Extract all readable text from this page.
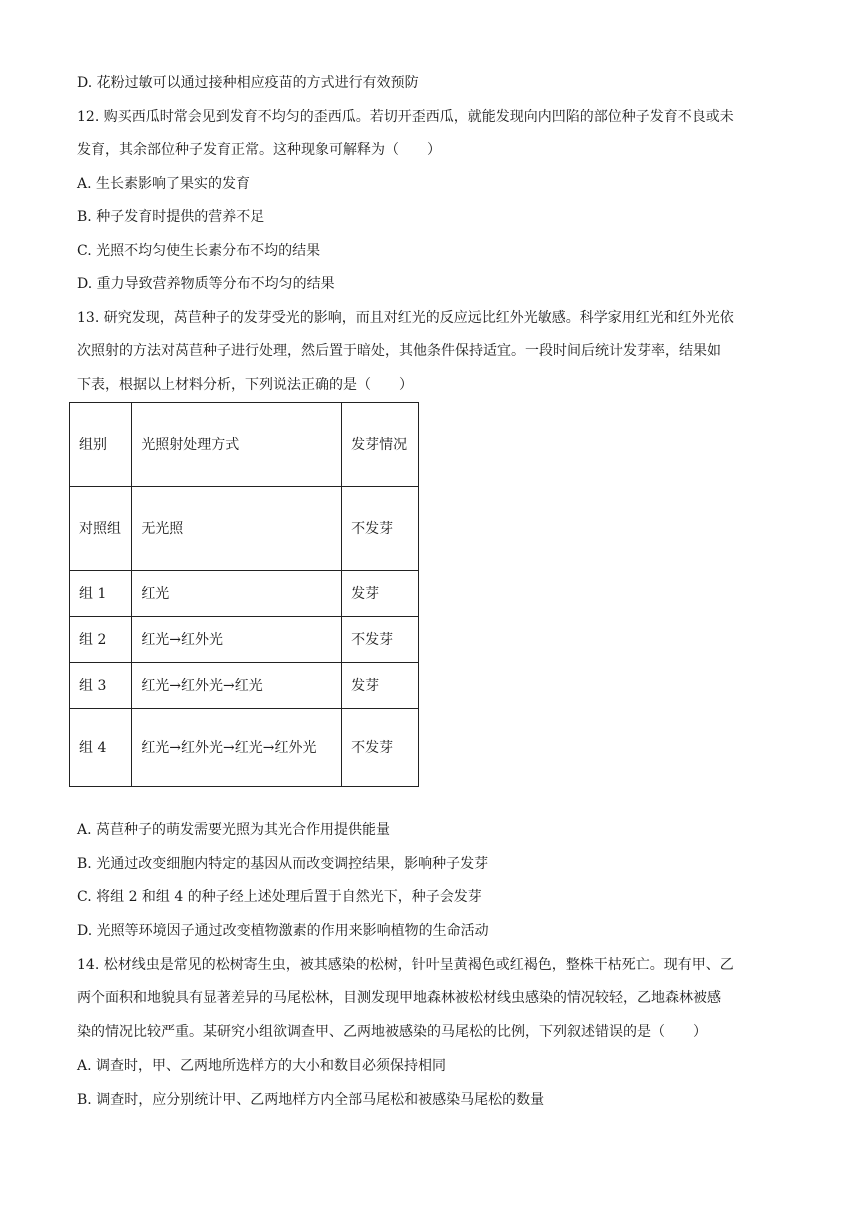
D. 花粉过敏可以通过接种相应疫苗的方式进行有效预防
12. 购买西瓜时常会见到发育不均匀的歪西瓜。若切开歪西瓜，就能发现向内凹陷的部位种子发育不良或未
发育，其余部位种子发育正常。这种现象可解释为（　　）
A. 生长素影响了果实的发育
B. 种子发育时提供的营养不足
C. 光照不均匀使生长素分布不均的结果
D. 重力导致营养物质等分布不均匀的结果
13. 研究发现，莴苣种子的发芽受光的影响，而且对红光的反应远比红外光敏感。科学家用红光和红外光依
次照射的方法对莴苣种子进行处理，然后置于暗处，其他条件保持适宜。一段时间后统计发芽率，结果如
下表，根据以上材料分析，下列说法正确的是（　　）
组别	光照射处理方式	发芽情况
对照组	无光照	不发芽
组 1	红光	发芽
组 2	红光→红外光	不发芽
组 3	红光→红外光→红光	发芽
组 4	红光→红外光→红光→红外光	不发芽
A. 莴苣种子的萌发需要光照为其光合作用提供能量
B. 光通过改变细胞内特定的基因从而改变调控结果，影响种子发芽
C. 将组 2 和组 4 的种子经上述处理后置于自然光下，种子会发芽
D. 光照等环境因子通过改变植物激素的作用来影响植物的生命活动
14. 松材线虫是常见的松树寄生虫，被其感染的松树，针叶呈黄褐色或红褐色，整株干枯死亡。现有甲、乙
两个面积和地貌具有显著差异的马尾松林，目测发现甲地森林被松材线虫感染的情况较轻，乙地森林被感
染的情况比较严重。某研究小组欲调查甲、乙两地被感染的马尾松的比例，下列叙述错误的是（　　）
A. 调查时，甲、乙两地所选样方的大小和数目必须保持相同
B. 调查时，应分别统计甲、乙两地样方内全部马尾松和被感染马尾松的数量
